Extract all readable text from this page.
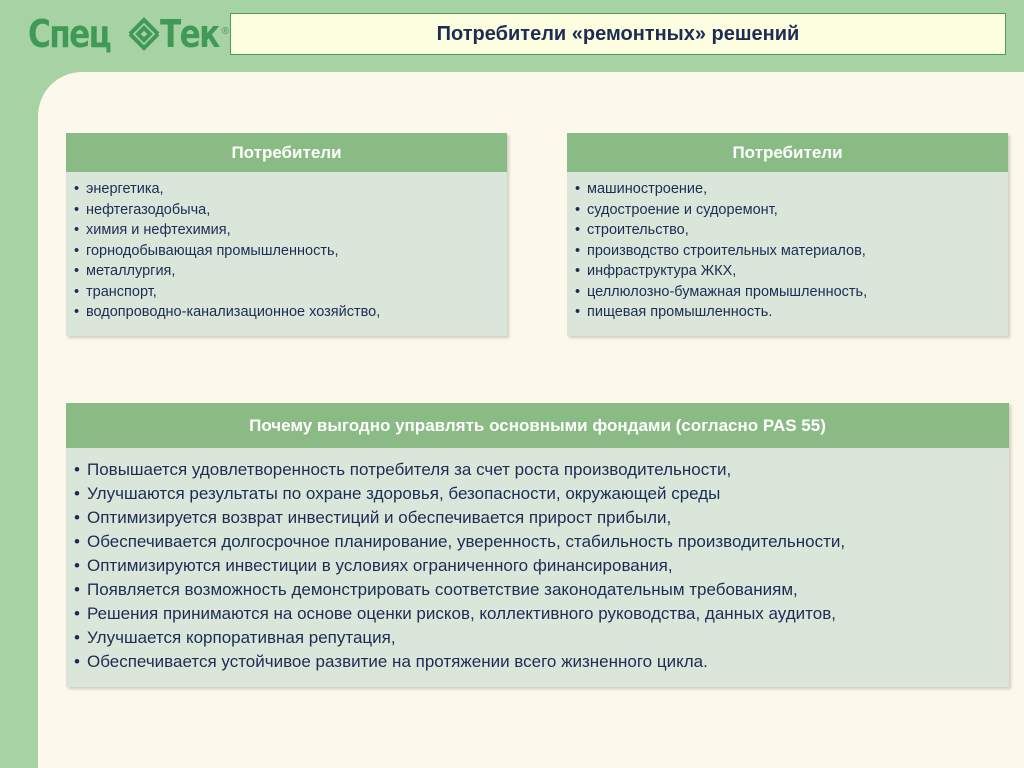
Спец Тек ®	Потребители «ремонтных» решений
Потребители
• энергетика,
• нефтегазодобыча,
• химия и нефтехимия,
• горнодобывающая промышленность,
• металлургия,
• транспорт,
• водопроводно-канализационное хозяйство,
Потребители
• машиностроение,
• судостроение и судоремонт,
• строительство,
• производство строительных материалов,
• инфраструктура ЖКХ,
• целлюлозно-бумажная промышленность,
• пищевая промышленность.
Почему выгодно управлять основными фондами (согласно PAS 55)
• Повышается удовлетворенность потребителя за счет роста производительности,
• Улучшаются результаты по охране здоровья, безопасности, окружающей среды
• Оптимизируется возврат инвестиций и обеспечивается прирост прибыли,
• Обеспечивается долгосрочное планирование, уверенность, стабильность производительности,
• Оптимизируются инвестиции в условиях ограниченного финансирования,
• Появляется возможность демонстрировать соответствие законодательным требованиям,
• Решения принимаются на основе оценки рисков, коллективного руководства, данных аудитов,
• Улучшается корпоративная репутация,
• Обеспечивается устойчивое развитие на протяжении всего жизненного цикла.
